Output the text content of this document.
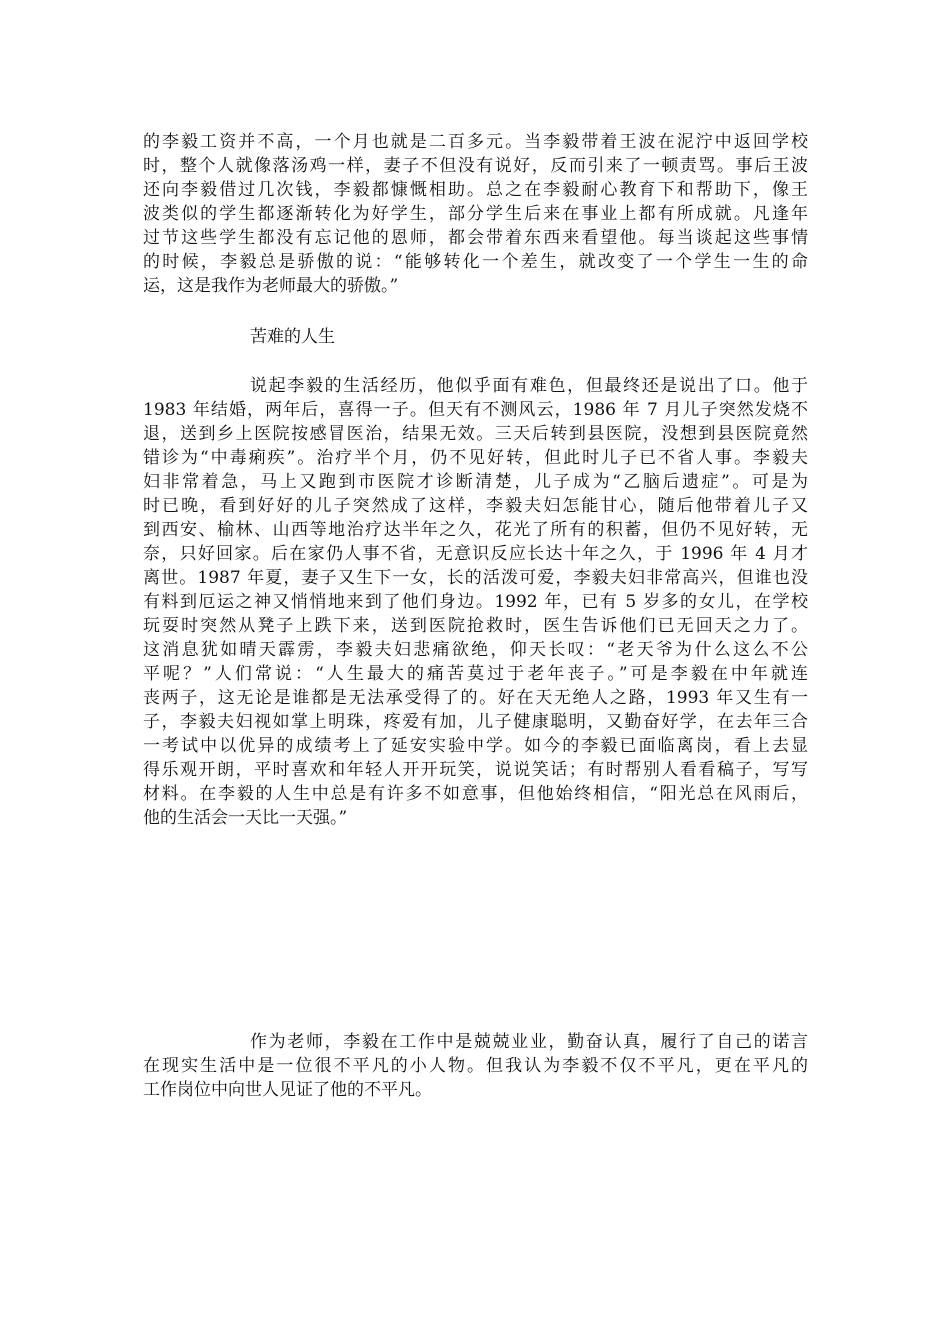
的李毅工资并不高，一个月也就是二百多元。当李毅带着王波在泥泞中返回学校
时，整个人就像落汤鸡一样，妻子不但没有说好，反而引来了一顿责骂。事后王波
还向李毅借过几次钱，李毅都慷慨相助。总之在李毅耐心教育下和帮助下，像王
波类似的学生都逐渐转化为好学生，部分学生后来在事业上都有所成就。凡逢年
过节这些学生都没有忘记他的恩师，都会带着东西来看望他。每当谈起这些事情
的时候，李毅总是骄傲的说：“能够转化一个差生，就改变了一个学生一生的命
运，这是我作为老师最大的骄傲。”
苦难的人生
说起李毅的生活经历，他似乎面有难色，但最终还是说出了口。他于
1983 年结婚，两年后，喜得一子。但天有不测风云，1986 年 7 月儿子突然发烧不
退，送到乡上医院按感冒医治，结果无效。三天后转到县医院，没想到县医院竟然
错诊为“中毒痢疾”。治疗半个月，仍不见好转，但此时儿子已不省人事。李毅夫
妇非常着急，马上又跑到市医院才诊断清楚，儿子成为“乙脑后遗症”。可是为
时已晚，看到好好的儿子突然成了这样，李毅夫妇怎能甘心，随后他带着儿子又
到西安、榆林、山西等地治疗达半年之久，花光了所有的积蓄，但仍不见好转，无
奈，只好回家。后在家仍人事不省，无意识反应长达十年之久，于 1996 年 4 月才
离世。1987 年夏，妻子又生下一女，长的活泼可爱，李毅夫妇非常高兴，但谁也没
有料到厄运之神又悄悄地来到了他们身边。1992 年，已有 5 岁多的女儿，在学校
玩耍时突然从凳子上跌下来，送到医院抢救时，医生告诉他们已无回天之力了。
这消息犹如晴天霹雳，李毅夫妇悲痛欲绝，仰天长叹：“老天爷为什么这么不公
平呢？”人们常说：“人生最大的痛苦莫过于老年丧子。”可是李毅在中年就连
丧两子，这无论是谁都是无法承受得了的。好在天无绝人之路，1993 年又生有一
子，李毅夫妇视如掌上明珠，疼爱有加，儿子健康聪明，又勤奋好学，在去年三合
一考试中以优异的成绩考上了延安实验中学。如今的李毅已面临离岗，看上去显
得乐观开朗，平时喜欢和年轻人开开玩笑，说说笑话；有时帮别人看看稿子，写写
材料。在李毅的人生中总是有许多不如意事，但他始终相信，“阳光总在风雨后，
他的生活会一天比一天强。”
作为老师，李毅在工作中是兢兢业业，勤奋认真，履行了自己的诺言
在现实生活中是一位很不平凡的小人物。但我认为李毅不仅不平凡，更在平凡的
工作岗位中向世人见证了他的不平凡。
